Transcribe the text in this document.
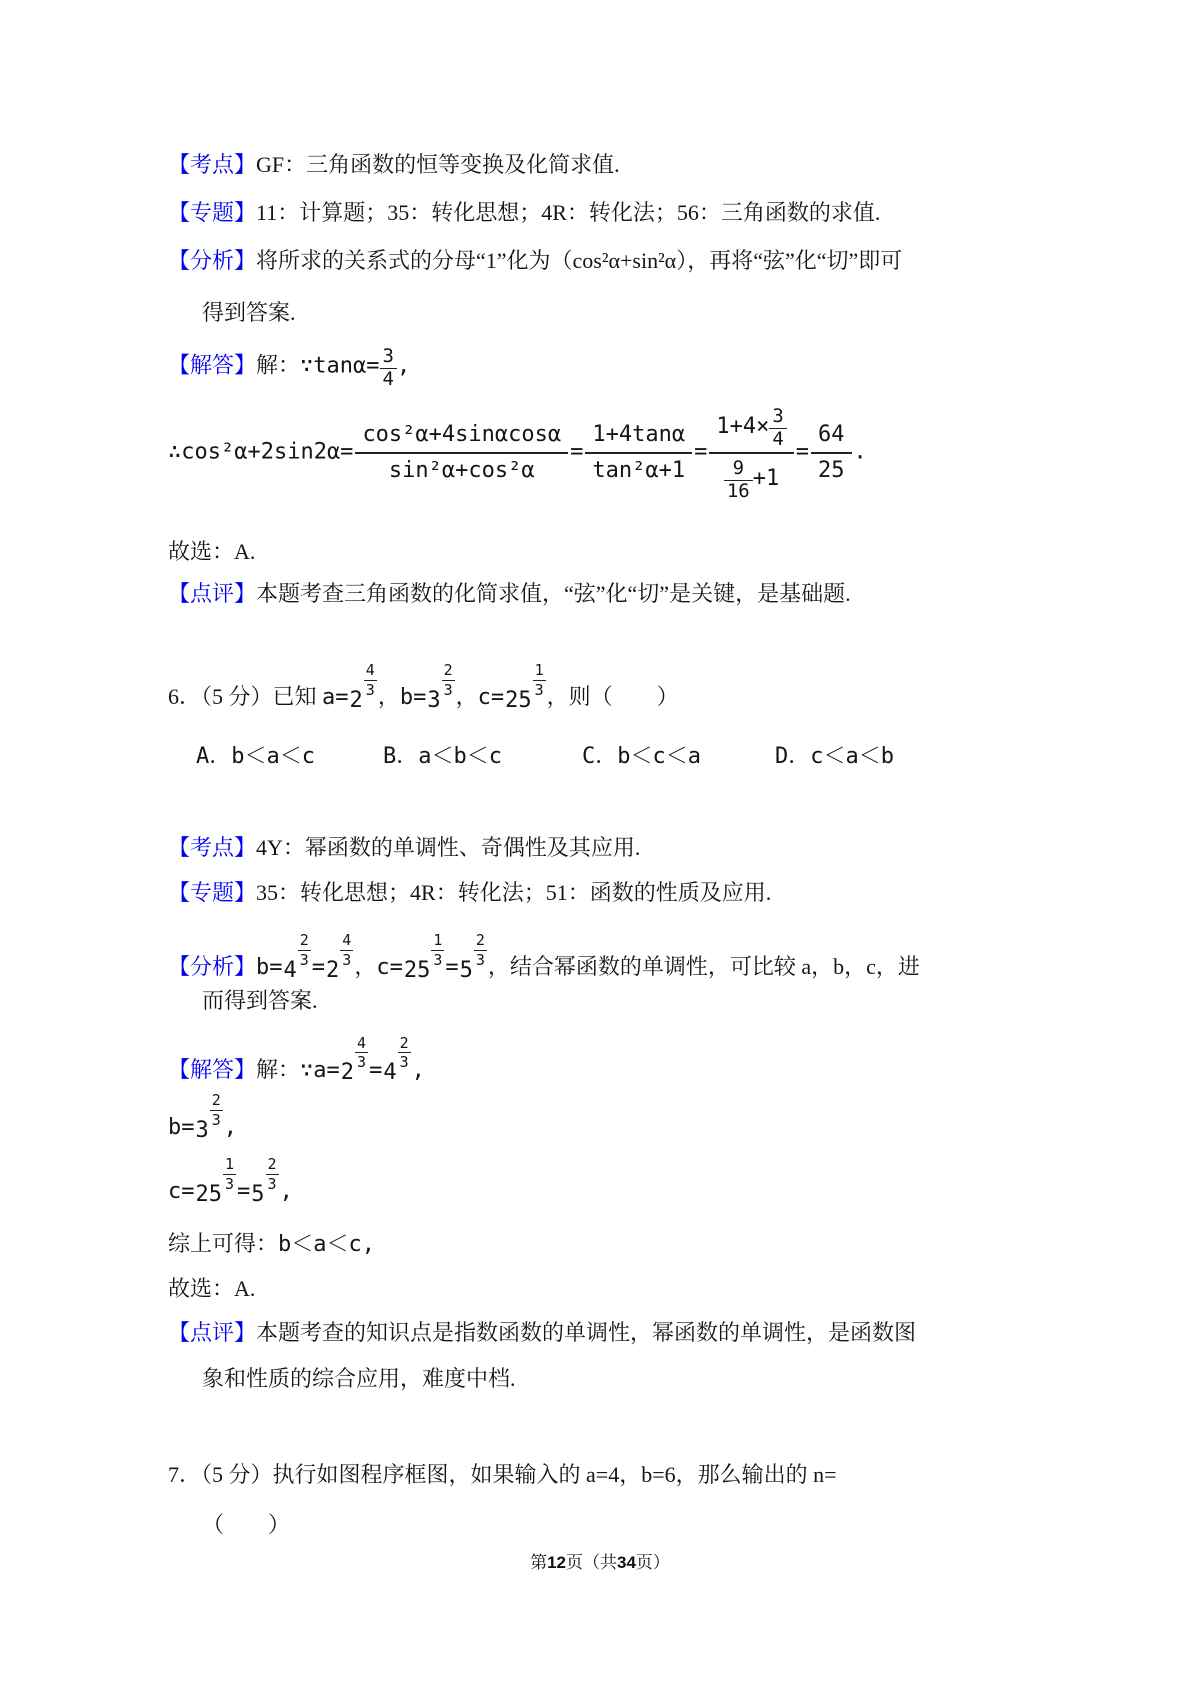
【考点】GF：三角函数的恒等变换及化简求值.
【专题】11：计算题；35：转化思想；4R：转化法；56：三角函数的求值.
【分析】将所求的关系式的分母“1”化为（cos²α+sin²α），再将“弦”化“切”即可
得到答案.
【解答】解：∵tanα= $\frac{3}{4}$ ,
∴cos²α+2sin2α= $\frac{\text{cos²α+4sinαcosα}}{\text{sin²α+cos²α}} = \frac{1+4\tan\alpha}{\text{tan²α+1}} = \frac{1+4\times \frac{3}{4}}{\frac{9}{16} +1} = \frac{64}{25}$ .
故选：A.
【点评】本题考查三角函数的化简求值，“弦”化“切”是关键，是基础题.
6．（5 分）已知 a=2
$\frac{4}{3}$ ，b=3
$\frac{2}{3}$ ，c=25
$\frac{1}{3}$ ，则（　　）
A．b＜a＜c	B．a＜b＜c	C．b＜c＜a	D．c＜a＜b
【考点】4Y：幂函数的单调性、奇偶性及其应用.
【专题】35：转化思想；4R：转化法；51：函数的性质及应用.
【分析】b=4
$\frac{2}{3} =2$
$\frac{4}{3}$ ，c=25
$\frac{1}{3} =5$
$\frac{2}{3}$ ，结合幂函数的单调性，可比较 a，b，c，进
而得到答案.
【解答】解：∵a=2
$\frac{4}{3} =4$
$\frac{2}{3}$ ,
b=3
$\frac{2}{3}$ ,
c=25
$\frac{1}{3} =5$
$\frac{2}{3}$ ,
综上可得：b＜a＜c,
故选：A.
【点评】本题考查的知识点是指数函数的单调性，幂函数的单调性，是函数图
象和性质的综合应用，难度中档.
7．（5 分）执行如图程序框图，如果输入的 a=4，b=6，那么输出的 n=
（　　）
第12页（共34页）
